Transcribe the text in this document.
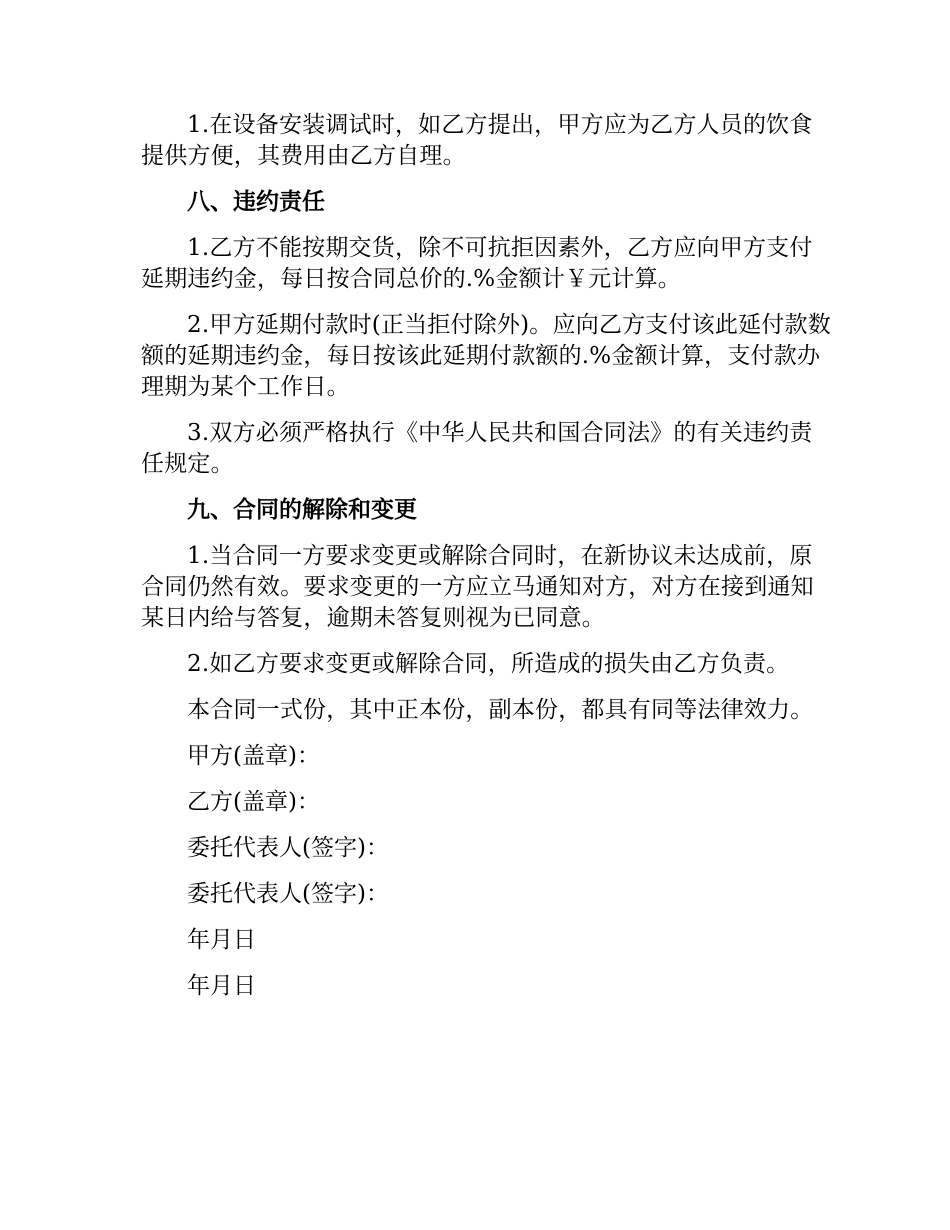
1.在设备安装调试时，如乙方提出，甲方应为乙方人员的饮食提供方便，其费用由乙方自理。

八、违约责任

1.乙方不能按期交货，除不可抗拒因素外，乙方应向甲方支付延期违约金，每日按合同总价的.%金额计￥元计算。

2.甲方延期付款时(正当拒付除外)。应向乙方支付该此延付款数额的延期违约金，每日按该此延期付款额的.%金额计算，支付款办理期为某个工作日。

3.双方必须严格执行《中华人民共和国合同法》的有关违约责任规定。

九、合同的解除和变更

1.当合同一方要求变更或解除合同时，在新协议未达成前，原合同仍然有效。要求变更的一方应立马通知对方，对方在接到通知某日内给与答复，逾期未答复则视为已同意。

2.如乙方要求变更或解除合同，所造成的损失由乙方负责。

本合同一式份，其中正本份，副本份，都具有同等法律效力。

甲方(盖章)：

乙方(盖章)：

委托代表人(签字)：

委托代表人(签字)：

年月日

年月日
